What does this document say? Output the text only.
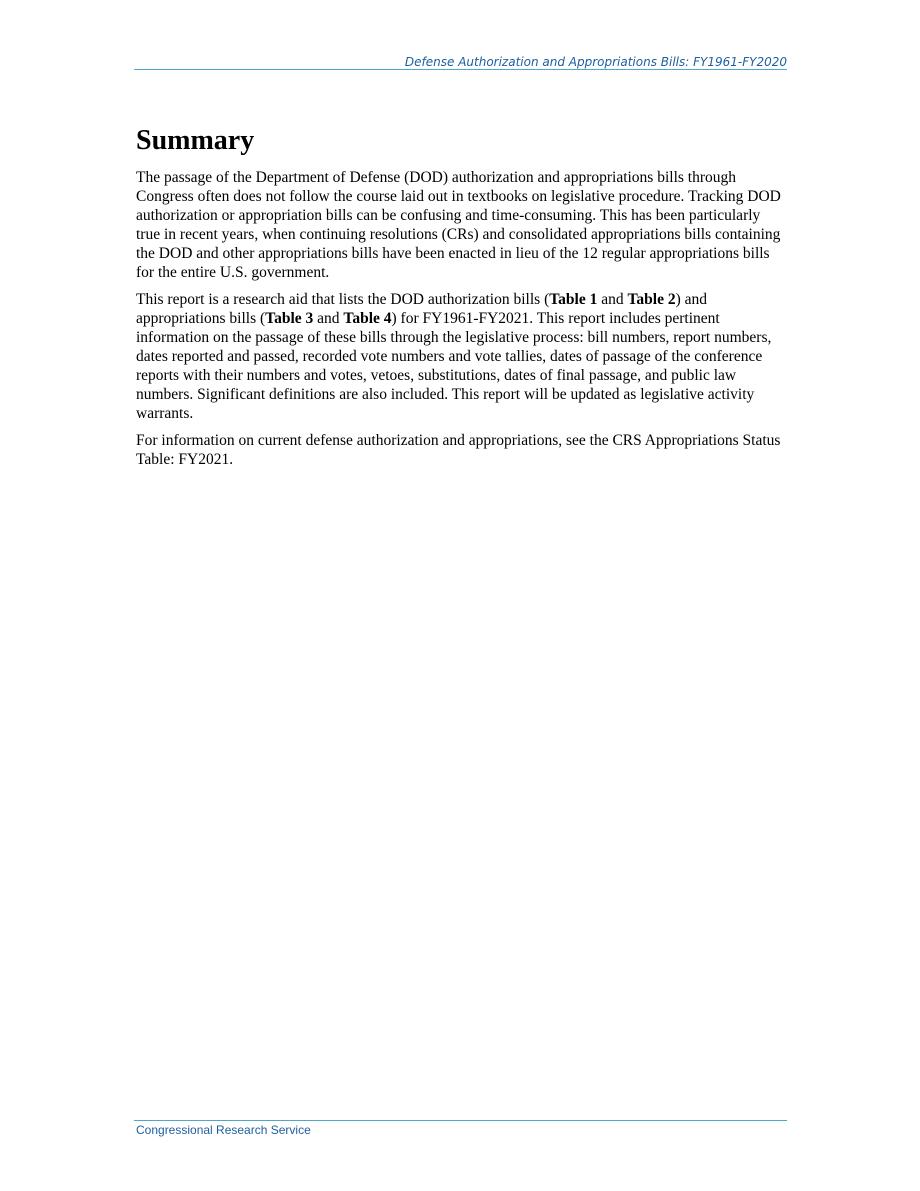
Defense Authorization and Appropriations Bills: FY1961-FY2020
Summary

The passage of the Department of Defense (DOD) authorization and appropriations bills through Congress often does not follow the course laid out in textbooks on legislative procedure. Tracking DOD authorization or appropriation bills can be confusing and time-consuming. This has been particularly true in recent years, when continuing resolutions (CRs) and consolidated appropriations bills containing the DOD and other appropriations bills have been enacted in lieu of the 12 regular appropriations bills for the entire U.S. government.

This report is a research aid that lists the DOD authorization bills (Table 1 and Table 2) and appropriations bills (Table 3 and Table 4) for FY1961-FY2021. This report includes pertinent information on the passage of these bills through the legislative process: bill numbers, report numbers, dates reported and passed, recorded vote numbers and vote tallies, dates of passage of the conference reports with their numbers and votes, vetoes, substitutions, dates of final passage, and public law numbers. Significant definitions are also included. This report will be updated as legislative activity warrants.

For information on current defense authorization and appropriations, see the CRS Appropriations Status Table: FY2021.

Congressional Research Service
